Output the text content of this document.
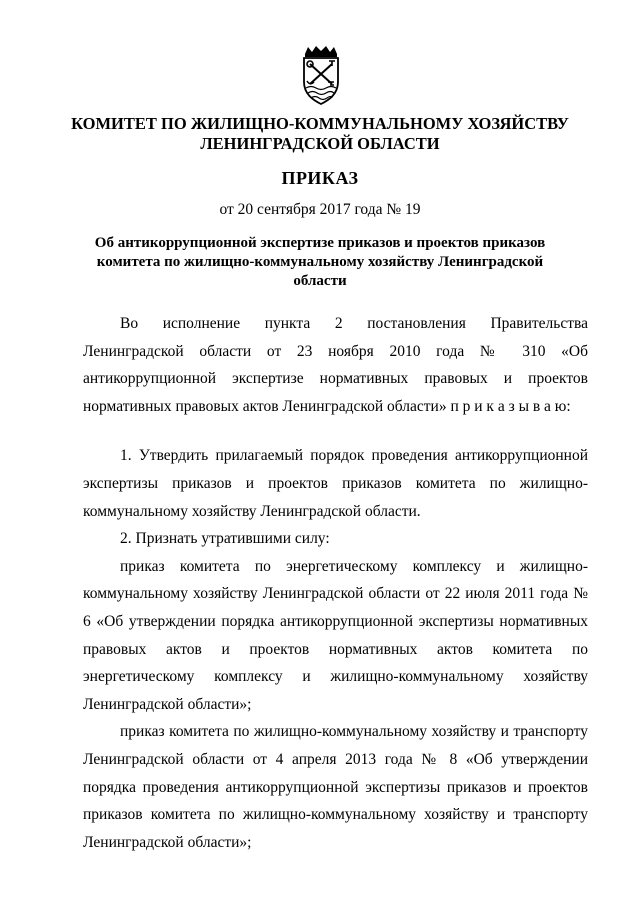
КОМИТЕТ ПО ЖИЛИЩНО-КОММУНАЛЬНОМУ ХОЗЯЙСТВУ
ЛЕНИНГРАДСКОЙ ОБЛАСТИ
ПРИКАЗ
от 20 сентября 2017 года № 19
Об антикоррупционной экспертизе приказов и проектов приказов
комитета по жилищно-коммунальному хозяйству Ленинградской
области

Во исполнение пункта 2 постановления Правительства Ленинградской области от 23 ноября 2010 года № 310 «Об антикоррупционной экспертизе нормативных правовых и проектов нормативных правовых актов Ленинградской области» п р и к а з ы в а ю:

1. Утвердить прилагаемый порядок проведения антикоррупционной экспертизы приказов и проектов приказов комитета по жилищно-коммунальному хозяйству Ленинградской области.

2. Признать утратившими силу:

приказ комитета по энергетическому комплексу и жилищно-коммунальному хозяйству Ленинградской области от 22 июля 2011 года № 6 «Об утверждении порядка антикоррупционной экспертизы нормативных правовых актов и проектов нормативных актов комитета по энергетическому комплексу и жилищно-коммунальному хозяйству Ленинградской области»;

приказ комитета по жилищно-коммунальному хозяйству и транспорту Ленинградской области от 4 апреля 2013 года № 8 «Об утверждении порядка проведения антикоррупционной экспертизы приказов и проектов приказов комитета по жилищно-коммунальному хозяйству и транспорту Ленинградской области»;
